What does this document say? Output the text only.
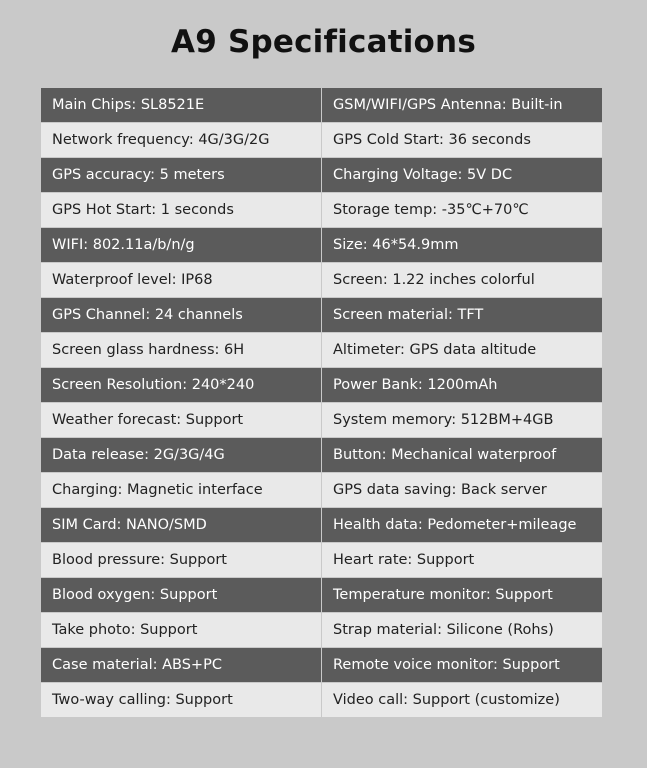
A9 Specifications
Main Chips: SL8521E	GSM/WIFI/GPS Antenna: Built-in
Network frequency: 4G/3G/2G	GPS Cold Start: 36 seconds
GPS accuracy: 5 meters	Charging Voltage: 5V DC
GPS Hot Start: 1 seconds	Storage temp: -35℃+70℃
WIFI: 802.11a/b/n/g	Size: 46*54.9mm
Waterproof level: IP68	Screen: 1.22 inches colorful
GPS Channel: 24 channels	Screen material: TFT
Screen glass hardness: 6H	Altimeter: GPS data altitude
Screen Resolution: 240*240	Power Bank: 1200mAh
Weather forecast: Support	System memory: 512BM+4GB
Data release: 2G/3G/4G	Button: Mechanical waterproof
Charging: Magnetic interface	GPS data saving: Back server
SIM Card: NANO/SMD	Health data: Pedometer+mileage
Blood pressure: Support	Heart rate: Support
Blood oxygen: Support	Temperature monitor: Support
Take photo: Support	Strap material: Silicone (Rohs)
Case material: ABS+PC	Remote voice monitor: Support
Two-way calling: Support	Video call: Support (customize)
